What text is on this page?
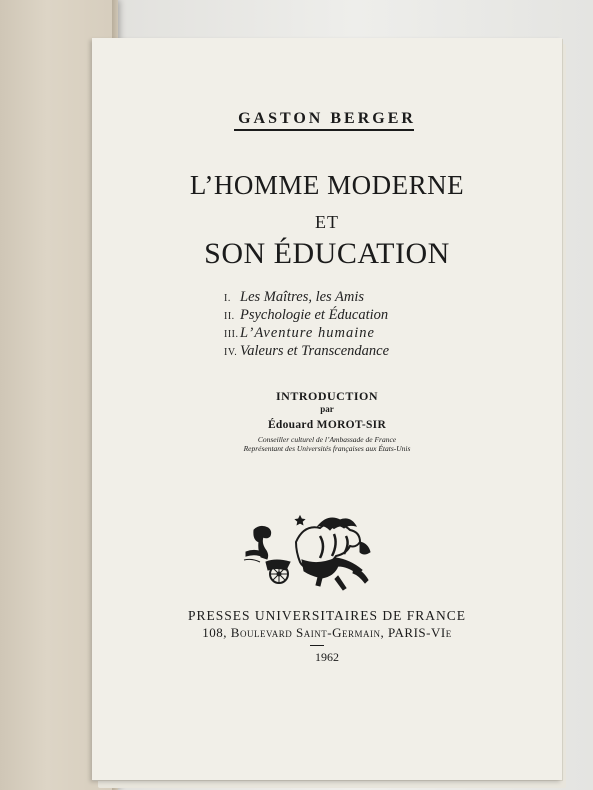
GASTON BERGER
L’HOMME MODERNE
ET
SON ÉDUCATION
I. Les Maîtres, les Amis
II. Psychologie et Éducation
III. L’Aventure humaine
IV. Valeurs et Transcendance
INTRODUCTION
par
Édouard MOROT-SIR
Conseiller culturel de l’Ambassade de France
Représentant des Universités françaises aux États-Unis
PRESSES UNIVERSITAIRES DE FRANCE
108, Boulevard Saint-Germain, PARIS-VIe
1962
